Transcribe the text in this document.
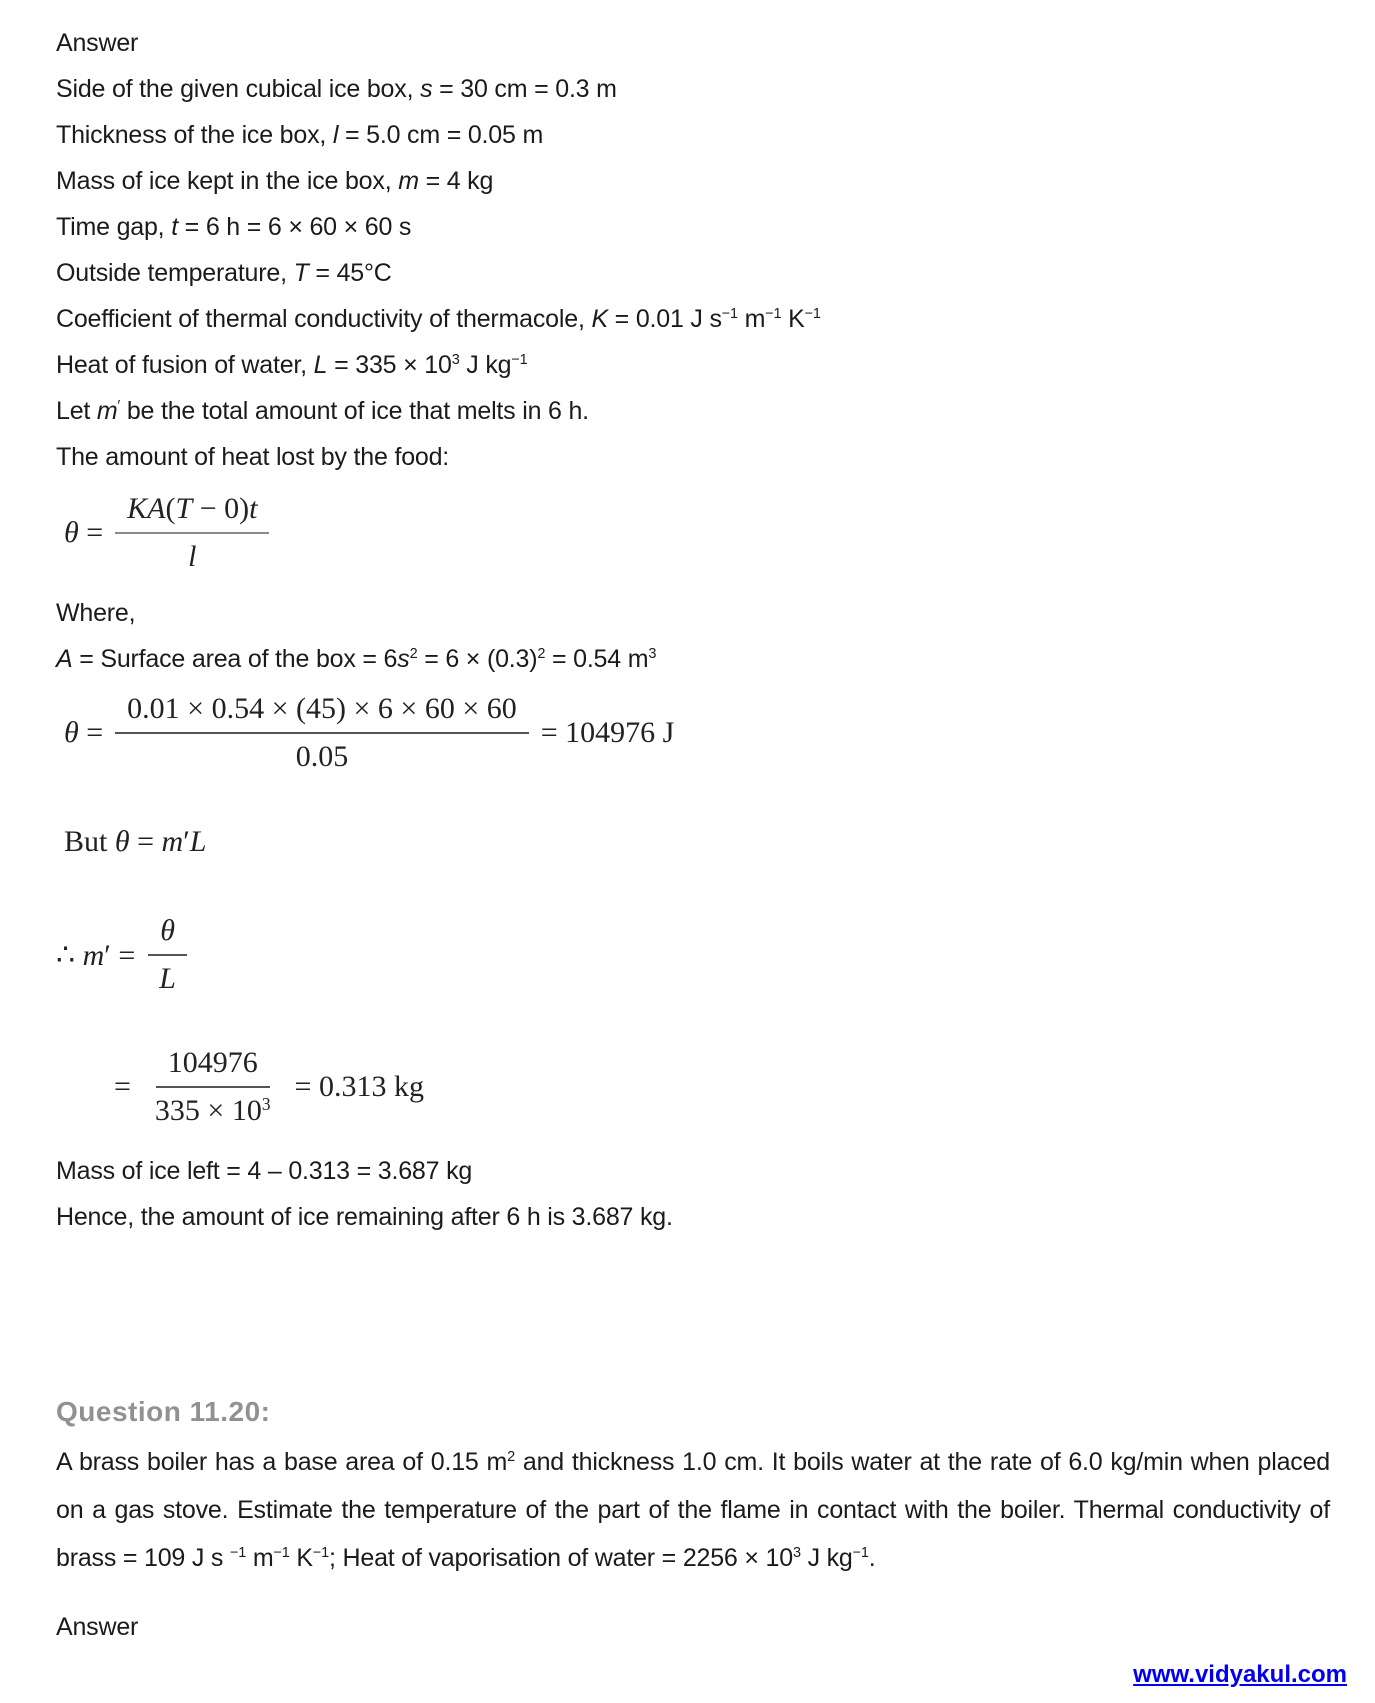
Answer

Side of the given cubical ice box, s = 30 cm = 0.3 m

Thickness of the ice box, l = 5.0 cm = 0.05 m

Mass of ice kept in the ice box, m = 4 kg

Time gap, t = 6 h = 6 × 60 × 60 s

Outside temperature, T = 45°C

Coefficient of thermal conductivity of thermacole, K = 0.01 J $s^{-1}$ $m^{-1}$ $K^{-1}$

Heat of fusion of water, $L = 335 \times 10^3$ J $kg^{-1}$

Let m′ be the total amount of ice that melts in 6 h.

The amount of heat lost by the food:

$\theta = \frac{KA(T - 0)t}{l}$

Where,

A = Surface area of the box = $6s^2 = 6 \times (0.3)^2 = 0.54$ $m^3$

$\theta = \frac{0.01 \times 0.54 \times (45) \times 6 \times 60 \times 60}{0.05} = 104976$ J
But θ = m′L
∴ $m' = \frac{\theta}{L}$
= $\frac{104976}{335 \times 10^3} = 0.313$ kg

Mass of ice left = 4 – 0.313 = 3.687 kg

Hence, the amount of ice remaining after 6 h is 3.687 kg.

Question 11.20:

A brass boiler has a base area of 0.15 $m^2$ and thickness 1.0 cm. It boils water at the rate of 6.0 kg/min when placed on a gas stove. Estimate the temperature of the part of the flame in contact with the boiler. Thermal conductivity of brass = 109 J s $^{-1}$ $m^{-1}$ $K^{-1}$; Heat of vaporisation of water = $2256 \times 10^3$ J $kg^{-1}$.

Answer

www.vidyakul.com
